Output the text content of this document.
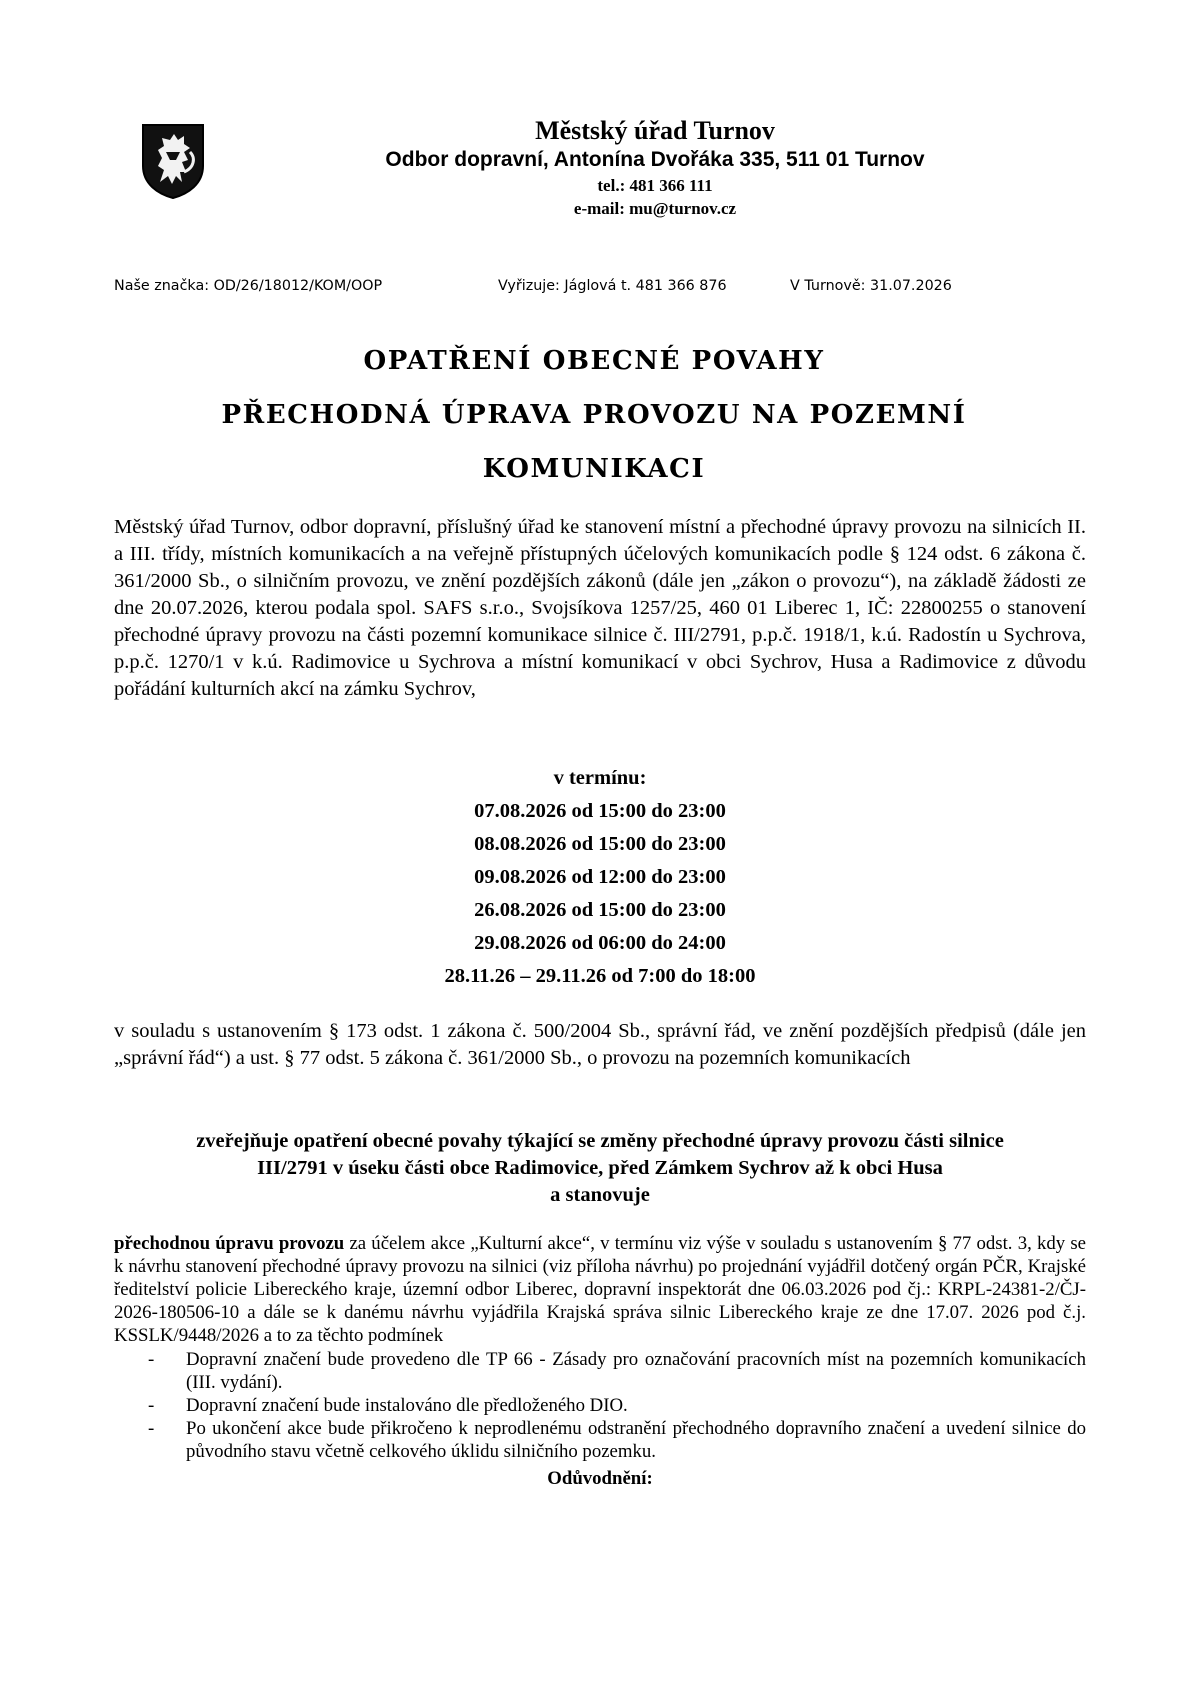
Městský úřad Turnov
Odbor dopravní, Antonína Dvořáka 335, 511 01 Turnov
tel.: 481 366 111
e-mail: mu@turnov.cz
Naše značka: OD/26/18012/KOM/OOP	Vyřizuje: Jáglová t. 481 366 876	V Turnově: 31.07.2026
OPATŘENÍ OBECNÉ POVAHY
PŘECHODNÁ ÚPRAVA PROVOZU NA POZEMNÍ
KOMUNIKACI
Městský úřad Turnov, odbor dopravní, příslušný úřad ke stanovení místní a přechodné úpravy provozu na silnicích II. a III. třídy, místních komunikacích a na veřejně přístupných účelových komunikacích podle § 124 odst. 6 zákona č. 361/2000 Sb., o silničním provozu, ve znění pozdějších zákonů (dále jen „zákon o provozu“), na základě žádosti ze dne 20.07.2026, kterou podala spol. SAFS s.r.o., Svojsíkova 1257/25, 460 01 Liberec 1, IČ: 22800255 o stanovení přechodné úpravy provozu na části pozemní komunikace silnice č. III/2791, p.p.č. 1918/1, k.ú. Radostín u Sychrova, p.p.č. 1270/1 v k.ú. Radimovice u Sychrova a místní komunikací v obci Sychrov, Husa a Radimovice z důvodu pořádání kulturních akcí na zámku Sychrov,
v termínu:
07.08.2026 od 15:00 do 23:00
08.08.2026 od 15:00 do 23:00
09.08.2026 od 12:00 do 23:00
26.08.2026 od 15:00 do 23:00
29.08.2026 od 06:00 do 24:00
28.11.26 – 29.11.26 od 7:00 do 18:00
v souladu s ustanovením § 173 odst. 1 zákona č. 500/2004 Sb., správní řád, ve znění pozdějších předpisů (dále jen „správní řád“) a ust. § 77 odst. 5 zákona č. 361/2000 Sb., o provozu na pozemních komunikacích
zveřejňuje opatření obecné povahy týkající se změny přechodné úpravy provozu části silnice
III/2791 v úseku části obce Radimovice, před Zámkem Sychrov až k obci Husa
a stanovuje
přechodnou úpravu provozu za účelem akce „Kulturní akce“, v termínu viz výše v souladu s ustanovením § 77 odst. 3, kdy se k návrhu stanovení přechodné úpravy provozu na silnici (viz příloha návrhu) po projednání vyjádřil dotčený orgán PČR, Krajské ředitelství policie Libereckého kraje, územní odbor Liberec, dopravní inspektorát dne 06.03.2026 pod čj.: KRPL-24381-2/ČJ-2026-180506-10 a dále se k danému návrhu vyjádřila Krajská správa silnic Libereckého kraje ze dne 17.07. 2026 pod č.j. KSSLK/9448/2026 a to za těchto podmínek
- Dopravní značení bude provedeno dle TP 66 - Zásady pro označování pracovních míst na pozemních komunikacích (III. vydání).
- Dopravní značení bude instalováno dle předloženého DIO.
- Po ukončení akce bude přikročeno k neprodlenému odstranění přechodného dopravního značení a uvedení silnice do původního stavu včetně celkového úklidu silničního pozemku.
Odůvodnění:
